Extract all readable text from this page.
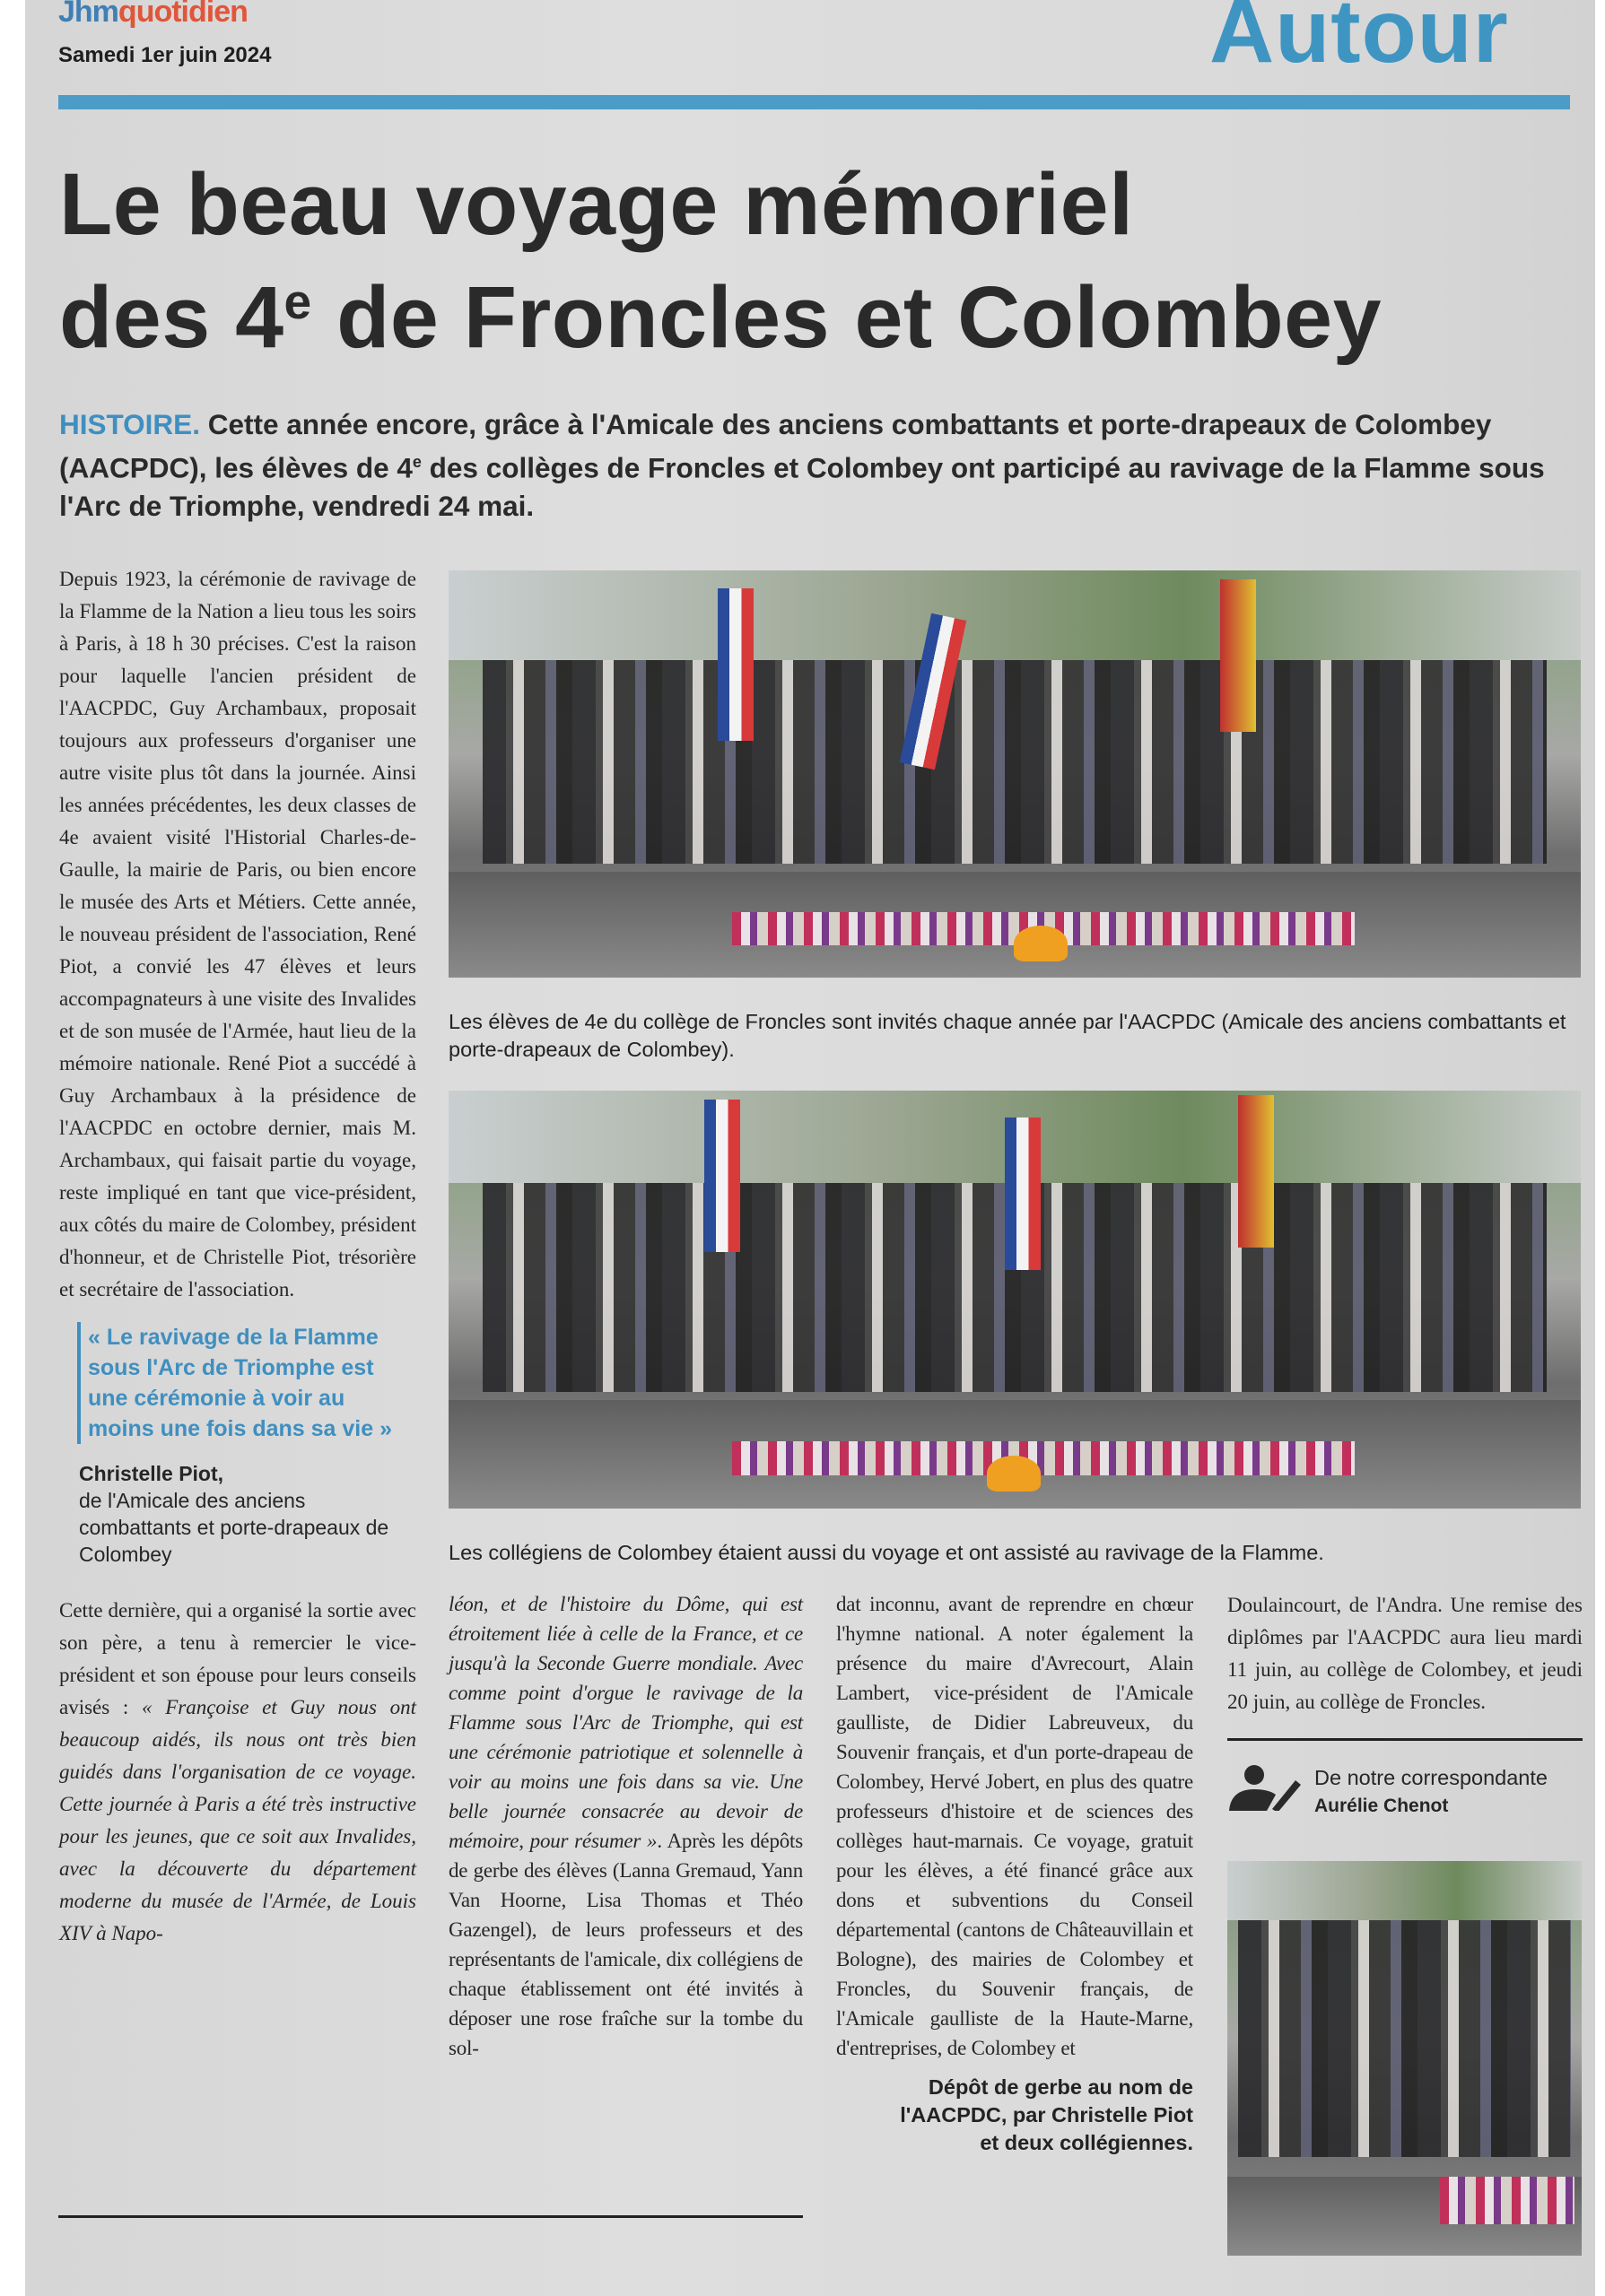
Jhmquotidien
Samedi 1er juin 2024	Autour
Le beau voyage mémoriel
des 4e de Froncles et Colombey
HISTOIRE. Cette année encore, grâce à l'Amicale des anciens combattants et porte-drapeaux de Colombey (AACPDC), les élèves de 4e des collèges de Froncles et Colombey ont participé au ravivage de la Flamme sous l'Arc de Triomphe, vendredi 24 mai.
Depuis 1923, la cérémonie de ravivage de la Flamme de la Nation a lieu tous les soirs à Paris, à 18 h 30 précises. C'est la raison pour laquelle l'ancien président de l'AACPDC, Guy Archambaux, proposait toujours aux professeurs d'organiser une autre visite plus tôt dans la journée. Ainsi les années précédentes, les deux classes de 4e avaient visité l'Historial Charles-de-Gaulle, la mairie de Paris, ou bien encore le musée des Arts et Métiers. Cette année, le nouveau président de l'association, René Piot, a convié les 47 élèves et leurs accompagnateurs à une visite des Invalides et de son musée de l'Armée, haut lieu de la mémoire nationale. René Piot a succédé à Guy Archambaux à la présidence de l'AACPDC en octobre dernier, mais M. Archambaux, qui faisait partie du voyage, reste impliqué en tant que vice-président, aux côtés du maire de Colombey, président d'honneur, et de Christelle Piot, trésorière et secrétaire de l'association.
« Le ravivage de la Flamme sous l'Arc de Triomphe est une cérémonie à voir au moins une fois dans sa vie »
Christelle Piot,
de l'Amicale des anciens combattants et porte-drapeaux de Colombey
Cette dernière, qui a organisé la sortie avec son père, a tenu à remercier le vice-président et son épouse pour leurs conseils avisés : « Françoise et Guy nous ont beaucoup aidés, ils nous ont très bien guidés dans l'organisation de ce voyage. Cette journée à Paris a été très instructive pour les jeunes, que ce soit aux Invalides, avec la découverte du département moderne du musée de l'Armée, de Louis XIV à Napo-
Les élèves de 4e du collège de Froncles sont invités chaque année par l'AACPDC (Amicale des anciens combattants et porte-drapeaux de Colombey).
Les collégiens de Colombey étaient aussi du voyage et ont assisté au ravivage de la Flamme.
léon, et de l'histoire du Dôme, qui est étroitement liée à celle de la France, et ce jusqu'à la Seconde Guerre mondiale. Avec comme point d'orgue le ravivage de la Flamme sous l'Arc de Triomphe, qui est une cérémonie patriotique et solennelle à voir au moins une fois dans sa vie. Une belle journée consacrée au devoir de mémoire, pour résumer ». Après les dépôts de gerbe des élèves (Lanna Gremaud, Yann Van Hoorne, Lisa Thomas et Théo Gazengel), de leurs professeurs et des représentants de l'amicale, dix collégiens de chaque établissement ont été invités à déposer une rose fraîche sur la tombe du sol-
dat inconnu, avant de reprendre en chœur l'hymne national. A noter également la présence du maire d'Avrecourt, Alain Lambert, vice-président de l'Amicale gaulliste, de Didier Labreuveux, du Souvenir français, et d'un porte-drapeau de Colombey, Hervé Jobert, en plus des quatre professeurs d'histoire et de sciences des collèges haut-marnais. Ce voyage, gratuit pour les élèves, a été financé grâce aux dons et subventions du Conseil départemental (cantons de Châteauvillain et Bologne), des mairies de Colombey et Froncles, du Souvenir français, de l'Amicale gaulliste de la Haute-Marne, d'entreprises, de Colombey et
Dépôt de gerbe au nom de l'AACPDC, par Christelle Piot et deux collégiennes.
Doulaincourt, de l'Andra. Une remise des diplômes par l'AACPDC aura lieu mardi 11 juin, au collège de Colombey, et jeudi 20 juin, au collège de Froncles.
De notre correspondante
Aurélie Chenot
